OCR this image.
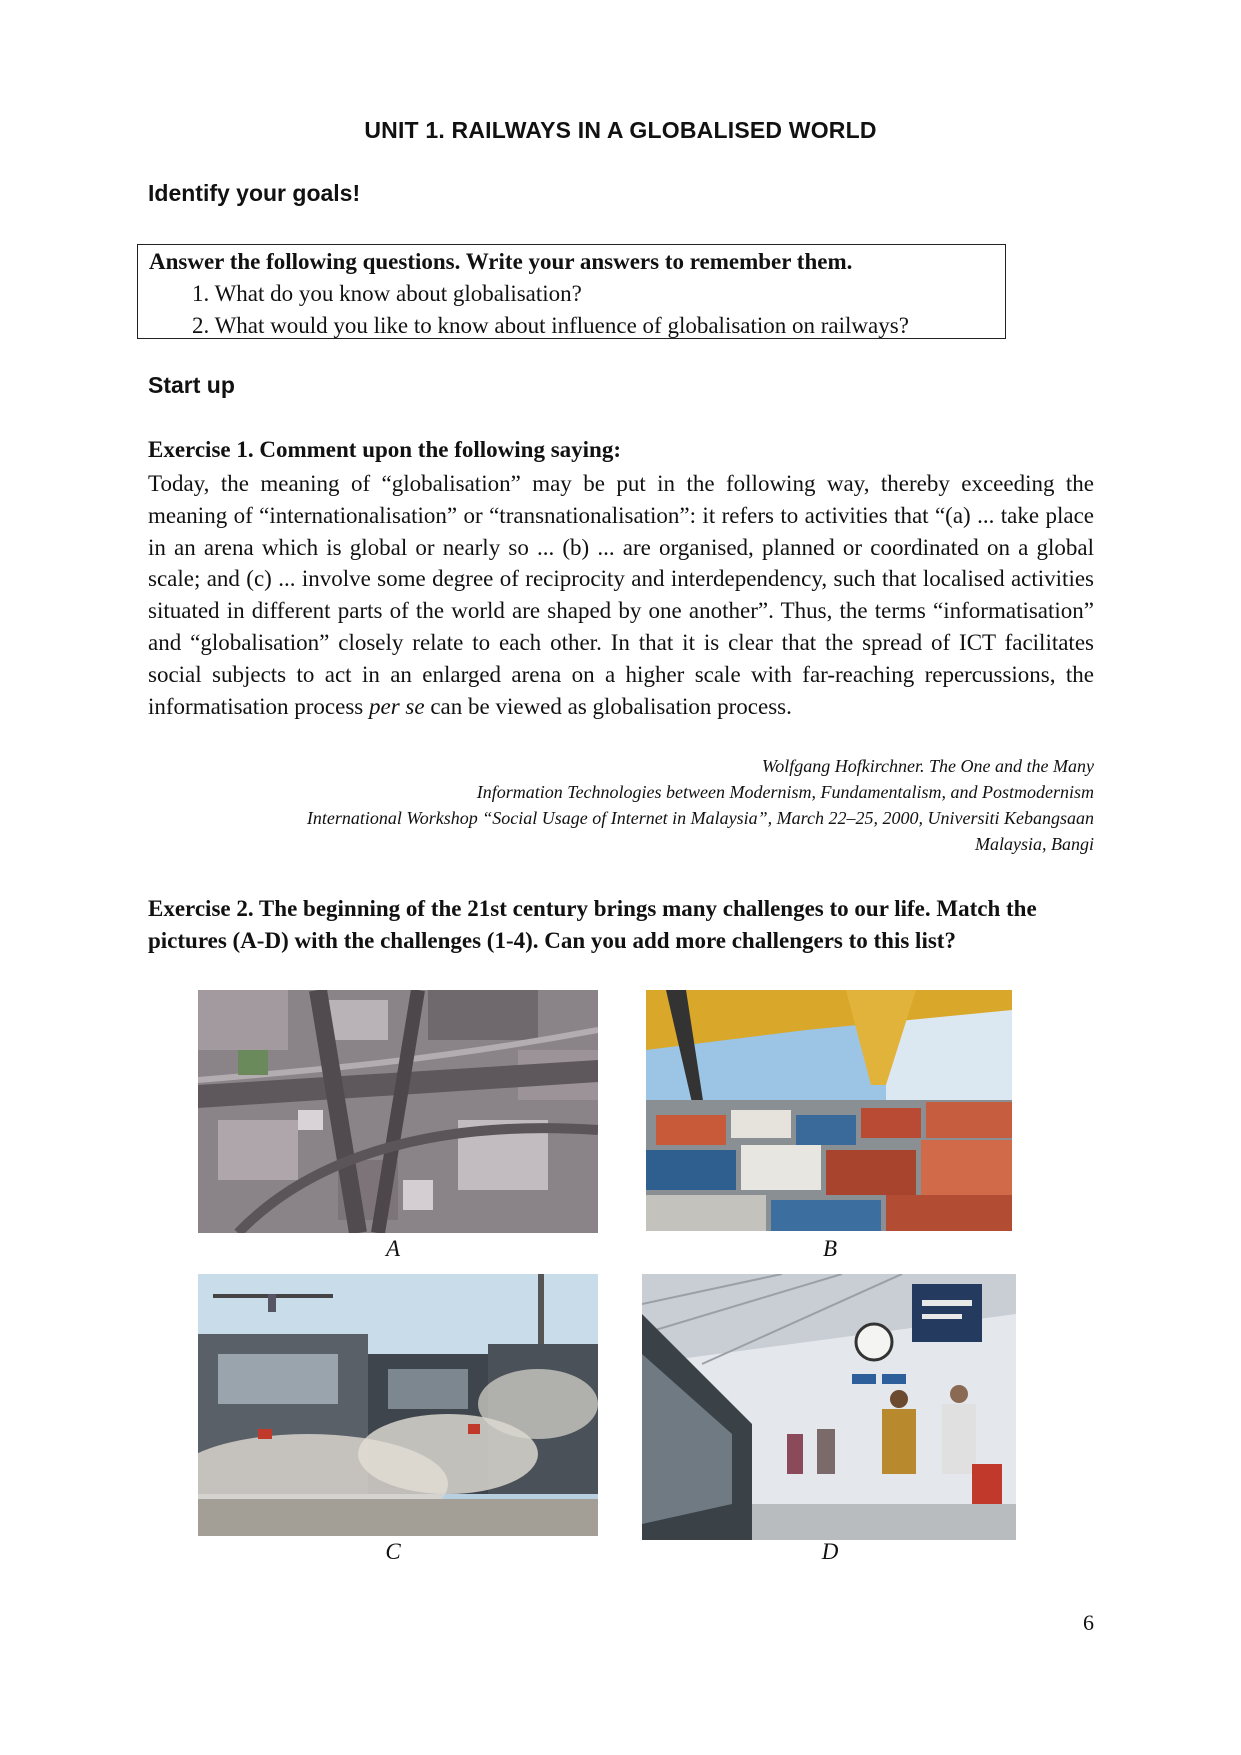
UNIT 1. RAILWAYS IN A GLOBALISED WORLD
Identify your goals!
Answer the following questions. Write your answers to remember them.
1. What do you know about globalisation?
2. What would you like to know about influence of globalisation on railways?
Start up
Exercise 1. Comment upon the following saying:
Today, the meaning of “globalisation” may be put in the following way, thereby exceeding the meaning of “internationalisation” or “transnationalisation”: it refers to activities that “(a) ... take place in an arena which is global or nearly so ... (b) ... are organised, planned or coordinated on a global scale; and (c) ... involve some degree of reciprocity and interdependency, such that localised activities situated in different parts of the world are shaped by one another”. Thus, the terms “informatisation” and “globalisation” closely relate to each other. In that it is clear that the spread of ICT facilitates social subjects to act in an enlarged arena on a higher scale with far-reaching repercussions, the informatisation process per se can be viewed as globalisation process.
Wolfgang Hofkirchner. The One and the Many
Information Technologies between Modernism, Fundamentalism, and Postmodernism
International Workshop “Social Usage of Internet in Malaysia”, March 22–25, 2000, Universiti Kebangsaan
Malaysia, Bangi
Exercise 2. The beginning of the 21st century brings many challenges to our life. Match the pictures (A-D) with the challenges (1-4). Can you add more challengers to this list?
A	B
C	D
6
